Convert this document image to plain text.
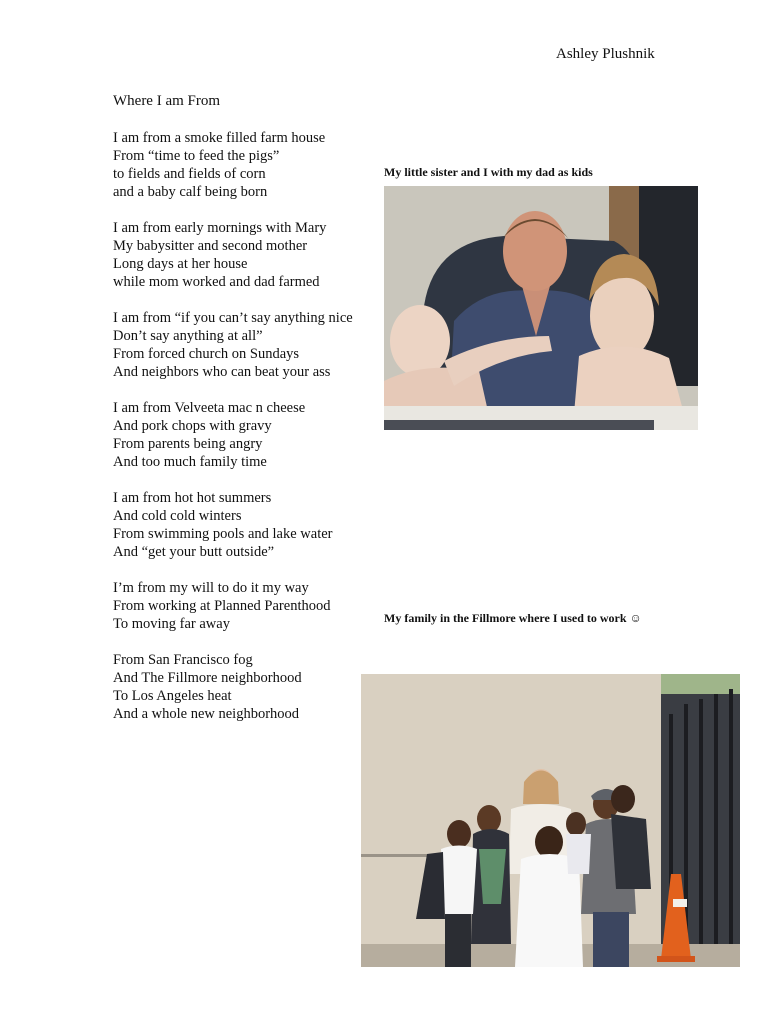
Ashley Plushnik
Where I am From
I am from a smoke filled farm house
From “time to feed the pigs”
to fields and fields of corn
and a baby calf being born
I am from early mornings with Mary
My babysitter and second mother
Long days at her house
while mom worked and dad farmed
I am from “if you can’t say anything nice
Don’t say anything at all”
From forced church on Sundays
And neighbors who can beat your ass
I am from Velveeta mac n cheese
And pork chops with gravy
From parents being angry
And too much family time
I am from hot hot summers
And cold cold winters
From swimming pools and lake water
And “get your butt outside”
I’m from my will to do it my way
From working at Planned Parenthood
To moving far away
From San Francisco fog
And The Fillmore neighborhood
To Los Angeles heat
And a whole new neighborhood
My little sister and I with my dad as kids
My family in the Fillmore where I used to work ☺
